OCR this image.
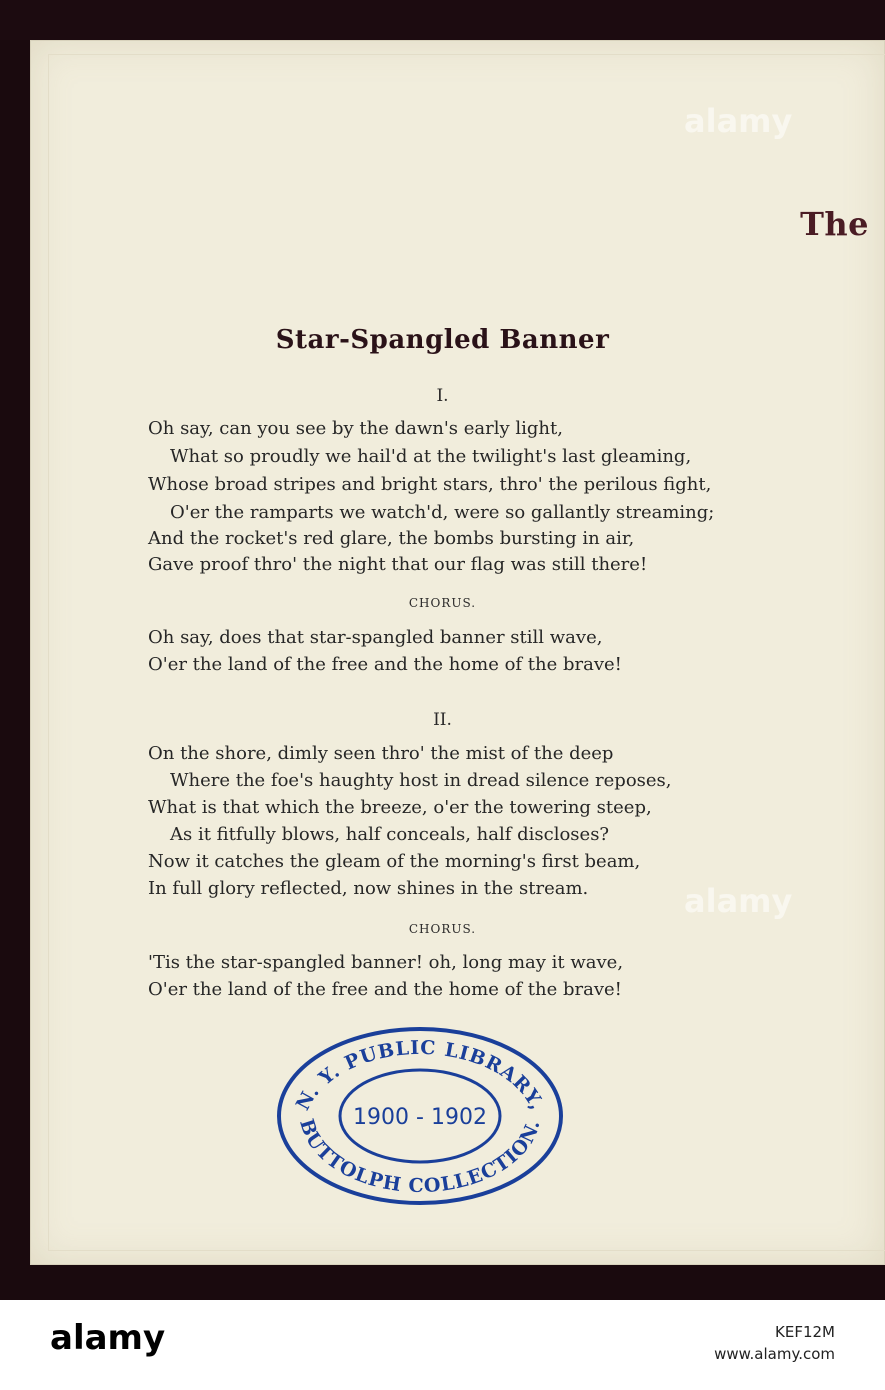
The
Star-Spangled Banner
I.
Oh say, can you see by the dawn's early light,
What so proudly we hail'd at the twilight's last gleaming,
Whose broad stripes and bright stars, thro' the perilous fight,
O'er the ramparts we watch'd, were so gallantly streaming;
And the rocket's red glare, the bombs bursting in air,
Gave proof thro' the night that our flag was still there!
CHORUS.
Oh say, does that star-spangled banner still wave,
O'er the land of the free and the home of the brave!
II.
On the shore, dimly seen thro' the mist of the deep
Where the foe's haughty host in dread silence reposes,
What is that which the breeze, o'er the towering steep,
As it fitfully blows, half conceals, half discloses?
Now it catches the gleam of the morning's first beam,
In full glory reflected, now shines in the stream.
CHORUS.
'Tis the star-spangled banner! oh, long may it wave,
O'er the land of the free and the home of the brave!
N. Y. PUBLIC LIBRARY,
BUTTOLPH COLLECTION.
1900 - 1902
alamy
alamy
alamy	KEF12M
www.alamy.com
